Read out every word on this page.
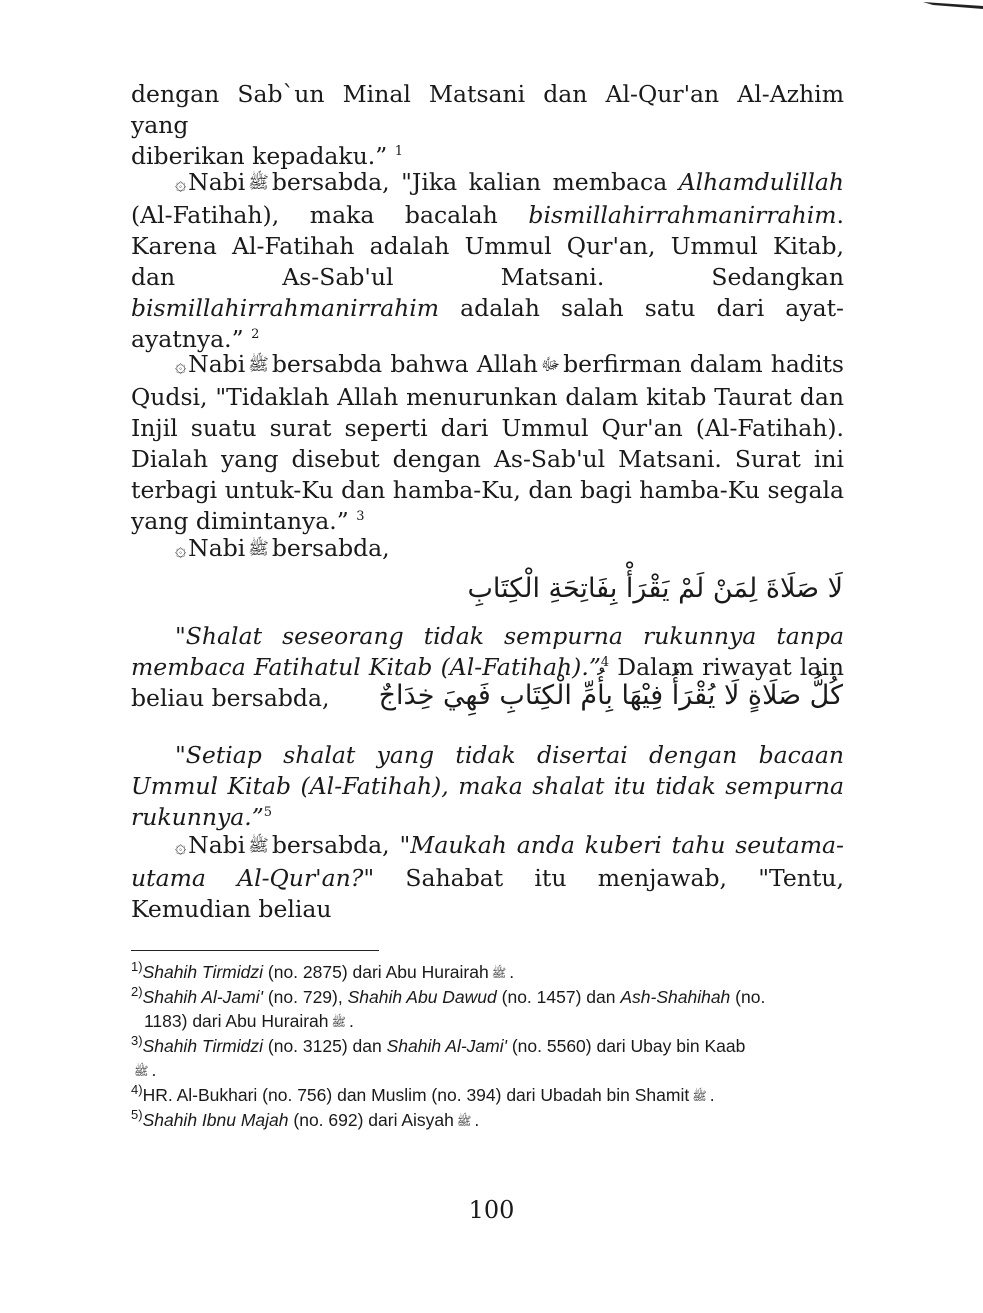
dengan Sab`un Minal Matsani dan Al-Qur'an Al-Azhim yang
diberikan kepadaku.” $^1$
۞Nabi ﷺ bersabda, "Jika kalian membaca Alhamdulillah (Al-Fatihah), maka bacalah bismillahirrahmanirrahim. Karena Al-Fatihah adalah Ummul Qur'an, Ummul Kitab, dan As-Sab'ul Matsani. Sedangkan bismillahirrahmanirrahim adalah salah satu dari ayat-ayatnya.” $^2$
۞Nabi ﷺ bersabda bahwa Allah ﷻ berfirman dalam hadits Qudsi, "Tidaklah Allah menurunkan dalam kitab Taurat dan Injil suatu surat seperti dari Ummul Qur'an (Al-Fatihah). Dialah yang disebut dengan As-Sab'ul Matsani. Surat ini terbagi untuk-Ku dan hamba-Ku, dan bagi hamba-Ku segala yang dimintanya.” $^3$
۞Nabi ﷺ bersabda,
لَا صَلَاةَ لِمَنْ لَمْ يَقْرَأْ بِفَاتِحَةِ الْكِتَابِ
"Shalat seseorang tidak sempurna rukunnya tanpa membaca Fatihatul Kitab (Al-Fatihah).”$^4$ Dalam riwayat lain beliau bersabda,	كُلُّ صَلَاةٍ لَا يُقْرَأُ فِيْهَا بِأُمِّ الْكِتَابِ فَهِيَ خِدَاجٌ
"Setiap shalat yang tidak disertai dengan bacaan Ummul Kitab (Al-Fatihah), maka shalat itu tidak sempurna rukunnya.”$^5$
۞Nabi ﷺ bersabda, "Maukah anda kuberi tahu seutama-utama Al-Qur'an?" Sahabat itu menjawab, "Tentu, Kemudian beliau
$^{1)}$Shahih Tirmidzi (no. 2875) dari Abu Hurairah ﷺ .
$^{2)}$Shahih Al-Jami' (no. 729), Shahih Abu Dawud (no. 1457) dan Ash-Shahihah (no.
1183) dari Abu Hurairah ﷺ .
$^{3)}$Shahih Tirmidzi (no. 3125) dan Shahih Al-Jami' (no. 5560) dari Ubay bin Kaab
ﷺ .
$^{4)}$HR. Al-Bukhari (no. 756) dan Muslim (no. 394) dari Ubadah bin Shamit ﷺ .
$^{5)}$Shahih Ibnu Majah (no. 692) dari Aisyah ﷺ .
100
